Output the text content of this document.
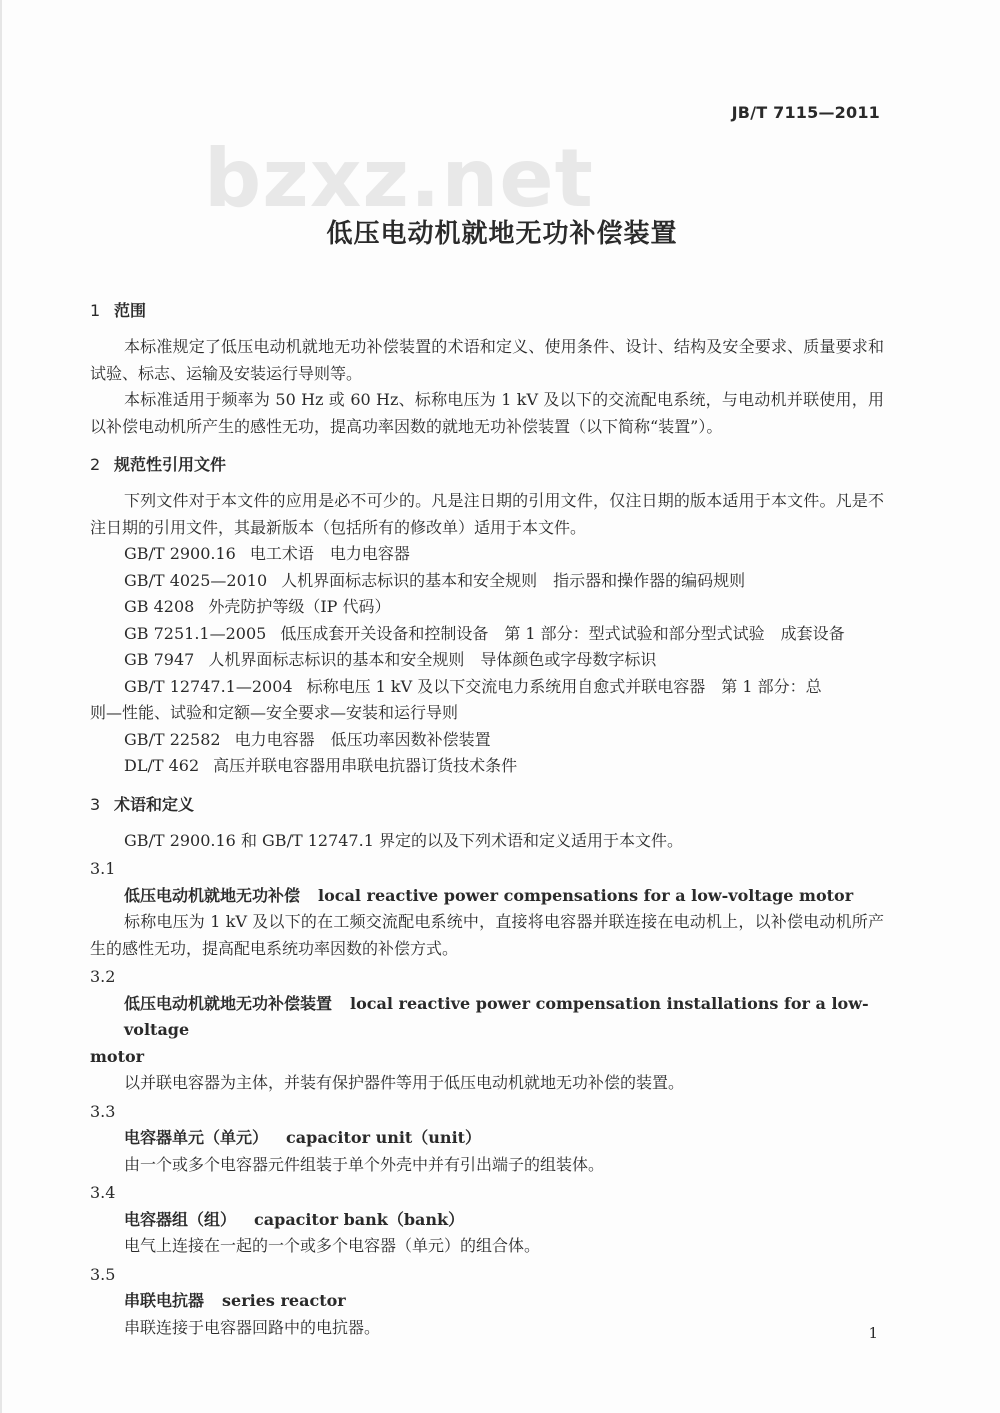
JB/T 7115—2011
bzxz.net
低压电动机就地无功补偿装置
1 范围

本标准规定了低压电动机就地无功补偿装置的术语和定义、使用条件、设计、结构及安全要求、质量要求和试验、标志、运输及安装运行导则等。

本标准适用于频率为 50 Hz 或 60 Hz、标称电压为 1 kV 及以下的交流配电系统，与电动机并联使用，用以补偿电动机所产生的感性无功，提高功率因数的就地无功补偿装置（以下简称“装置”）。

2 规范性引用文件

下列文件对于本文件的应用是必不可少的。凡是注日期的引用文件，仅注日期的版本适用于本文件。凡是不注日期的引用文件，其最新版本（包括所有的修改单）适用于本文件。

GB/T 2900.16 电工术语　电力电容器

GB/T 4025—2010 人机界面标志标识的基本和安全规则　指示器和操作器的编码规则

GB 4208 外壳防护等级（IP 代码）

GB 7251.1—2005 低压成套开关设备和控制设备　第 1 部分：型式试验和部分型式试验　成套设备

GB 7947 人机界面标志标识的基本和安全规则　导体颜色或字母数字标识

GB/T 12747.1—2004 标称电压 1 kV 及以下交流电力系统用自愈式并联电容器　第 1 部分：总

则—性能、试验和定额—安全要求—安装和运行导则

GB/T 22582 电力电容器　低压功率因数补偿装置

DL/T 462 高压并联电容器用串联电抗器订货技术条件

3 术语和定义

GB/T 2900.16 和 GB/T 12747.1 界定的以及下列术语和定义适用于本文件。

3.1

低压电动机就地无功补偿 local reactive power compensations for a low-voltage motor

标称电压为 1 kV 及以下的在工频交流配电系统中，直接将电容器并联连接在电动机上，以补偿电动机所产生的感性无功，提高配电系统功率因数的补偿方式。

3.2

低压电动机就地无功补偿装置 local reactive power compensation installations for a low-voltage

motor

以并联电容器为主体，并装有保护器件等用于低压电动机就地无功补偿的装置。

3.3

电容器单元（单元） capacitor unit（unit）

由一个或多个电容器元件组装于单个外壳中并有引出端子的组装体。

3.4

电容器组（组） capacitor bank（bank）

电气上连接在一起的一个或多个电容器（单元）的组合体。

3.5

串联电抗器 series reactor

串联连接于电容器回路中的电抗器。	1
